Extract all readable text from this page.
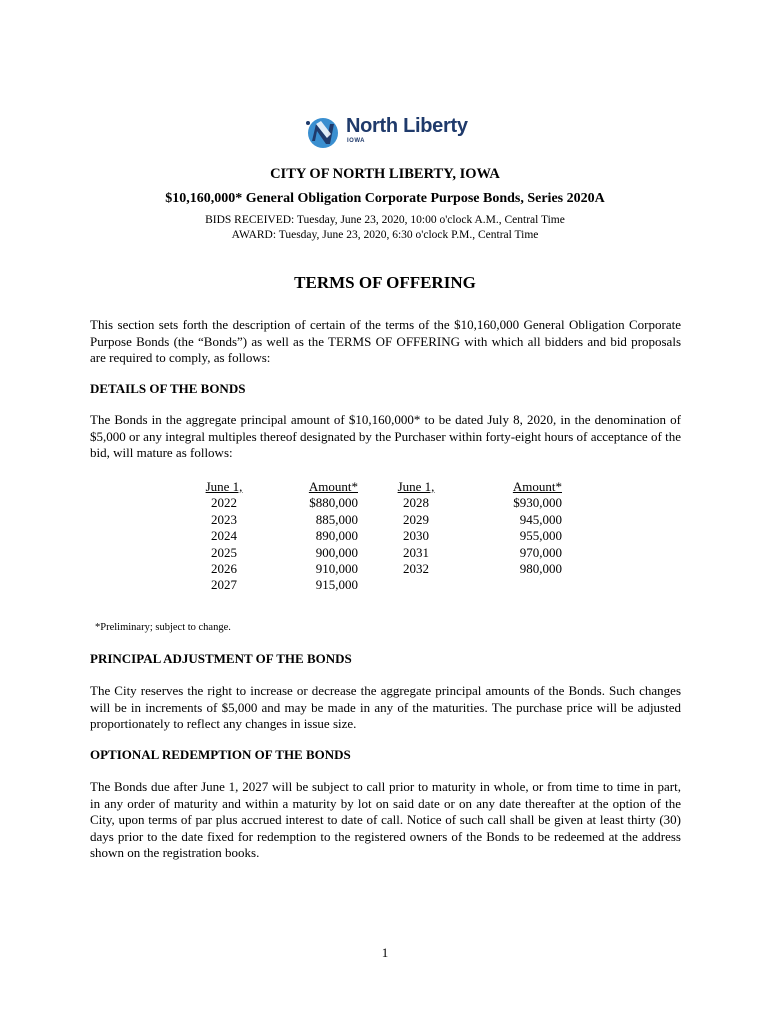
North Liberty
IOWA
CITY OF NORTH LIBERTY, IOWA
$10,160,000* General Obligation Corporate Purpose Bonds, Series 2020A
BIDS RECEIVED: Tuesday, June 23, 2020, 10:00 o'clock A.M., Central Time
AWARD: Tuesday, June 23, 2020, 6:30 o'clock P.M., Central Time
TERMS OF OFFERING
This section sets forth the description of certain of the terms of the $10,160,000 General Obligation Corporate Purpose Bonds (the “Bonds”) as well as the TERMS OF OFFERING with which all bidders and bid proposals are required to comply, as follows:
DETAILS OF THE BONDS
The Bonds in the aggregate principal amount of $10,160,000* to be dated July 8, 2020, in the denomination of $5,000 or any integral multiples thereof designated by the Purchaser within forty-eight hours of acceptance of the bid, will mature as follows:
June 1,
2022
2023
2024
2025
2026
2027
Amount*
$880,000
885,000
890,000
900,000
910,000
915,000
June 1,
2028
2029
2030
2031
2032
Amount*
$930,000
945,000
955,000
970,000
980,000
*Preliminary; subject to change.
PRINCIPAL ADJUSTMENT OF THE BONDS
The City reserves the right to increase or decrease the aggregate principal amounts of the Bonds. Such changes will be in increments of $5,000 and may be made in any of the maturities. The purchase price will be adjusted proportionately to reflect any changes in issue size.
OPTIONAL REDEMPTION OF THE BONDS
The Bonds due after June 1, 2027 will be subject to call prior to maturity in whole, or from time to time in part, in any order of maturity and within a maturity by lot on said date or on any date thereafter at the option of the City, upon terms of par plus accrued interest to date of call. Notice of such call shall be given at least thirty (30) days prior to the date fixed for redemption to the registered owners of the Bonds to be redeemed at the address shown on the registration books.
1
